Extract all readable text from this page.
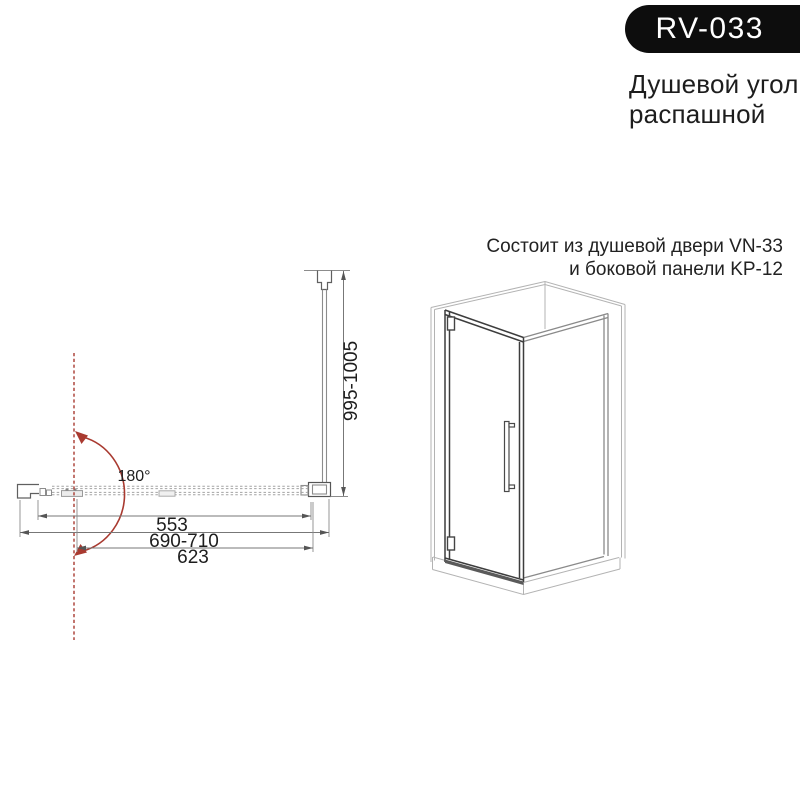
RV-033
Душевой угол
распашной
Состоит из душевой двери VN-33
и боковой панели KP-12
180°
553
690-710
623
995-1005
